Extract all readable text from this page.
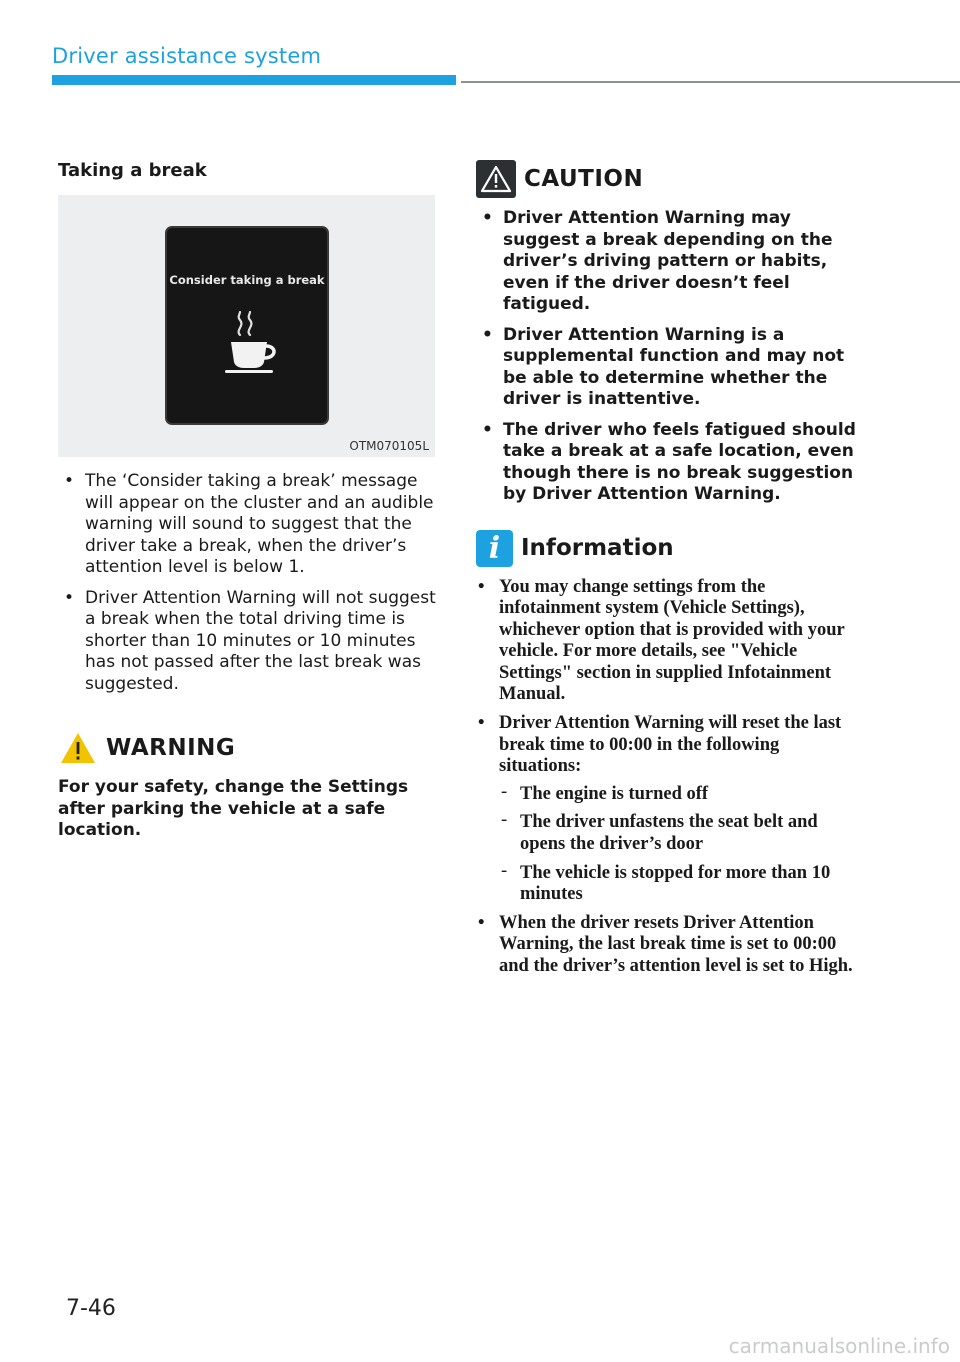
Driver assistance system
Taking a break
Consider taking a break
OTM070105L
• The ‘Consider taking a break’ message will appear on the cluster and an audible warning will sound to suggest that the driver take a break, when the driver’s attention level is below 1.
• Driver Attention Warning will not suggest a break when the total driving time is shorter than 10 minutes or 10 minutes has not passed after the last break was suggested.
WARNING
For your safety, change the Settings after parking the vehicle at a safe location.
CAUTION
• Driver Attention Warning may suggest a break depending on the driver’s driving pattern or habits, even if the driver doesn’t feel fatigued.
• Driver Attention Warning is a supplemental function and may not be able to determine whether the driver is inattentive.
• The driver who feels fatigued should take a break at a safe location, even though there is no break suggestion by Driver Attention Warning.
i Information
• You may change settings from the infotainment system (Vehicle Settings), whichever option that is provided with your vehicle. For more details, see "Vehicle Settings" section in supplied Infotainment Manual.
• Driver Attention Warning will reset the last break time to 00:00 in the following situations:
- The engine is turned off
- The driver unfastens the seat belt and opens the driver’s door
- The vehicle is stopped for more than 10 minutes
• When the driver resets Driver Attention Warning, the last break time is set to 00:00 and the driver’s attention level is set to High.
7-46
carmanualsonline.info
